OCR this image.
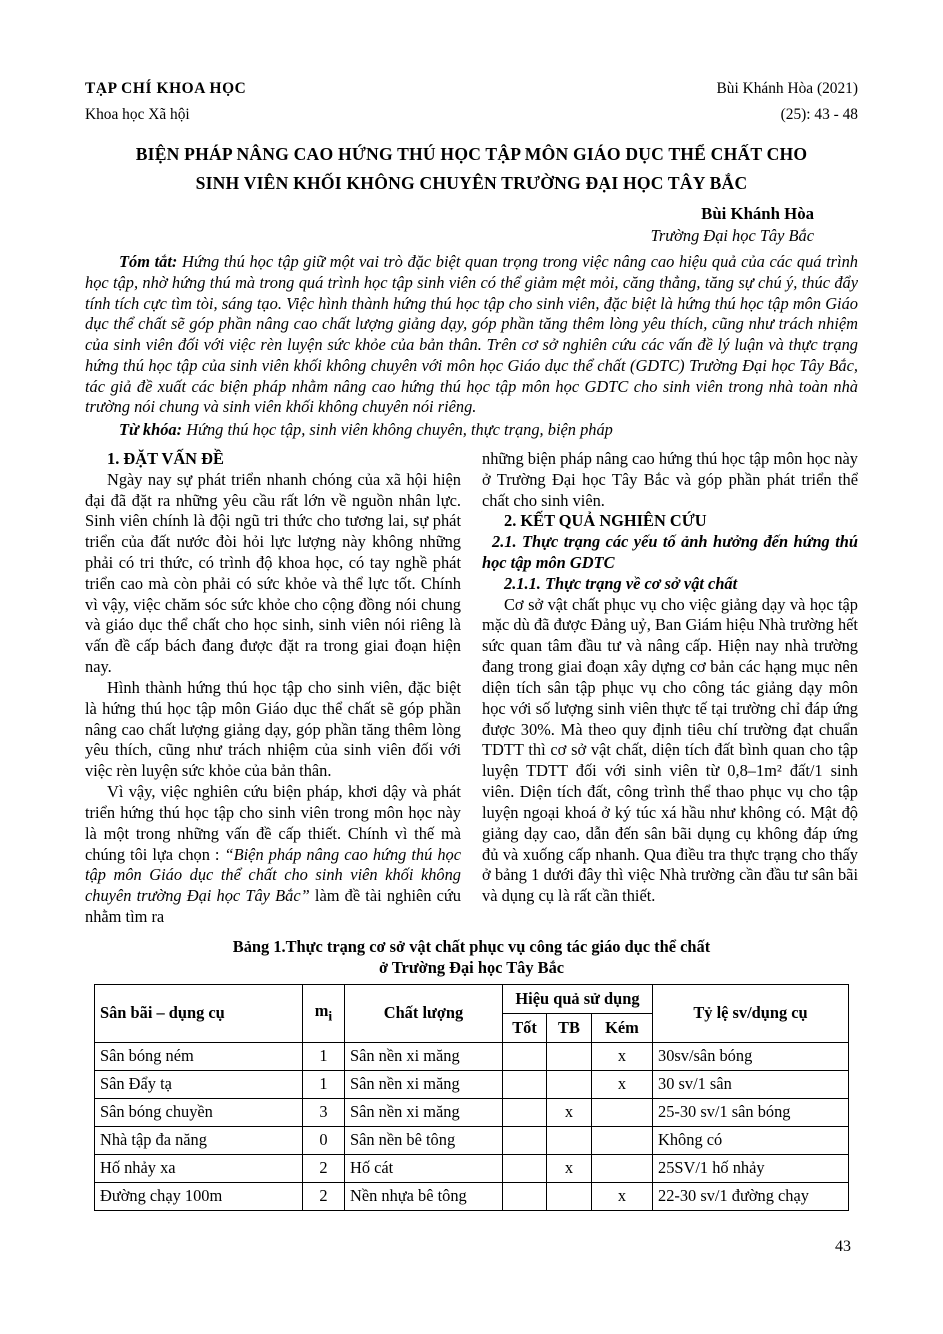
TẠP CHÍ KHOA HỌC
Khoa học Xã hội
Bùi Khánh Hòa (2021)
(25): 43 - 48
BIỆN PHÁP NÂNG CAO HỨNG THÚ HỌC TẬP MÔN GIÁO DỤC THỂ CHẤT CHO
SINH VIÊN KHỐI KHÔNG CHUYÊN TRƯỜNG ĐẠI HỌC TÂY BẮC
Bùi Khánh Hòa
Trường Đại học Tây Bắc

Tóm tắt: Hứng thú học tập giữ một vai trò đặc biệt quan trọng trong việc nâng cao hiệu quả của các quá trình học tập, nhờ hứng thú mà trong quá trình học tập sinh viên có thể giảm mệt mỏi, căng thẳng, tăng sự chú ý, thúc đẩy tính tích cực tìm tòi, sáng tạo. Việc hình thành hứng thú học tập cho sinh viên, đặc biệt là hứng thú học tập môn Giáo dục thể chất sẽ góp phần nâng cao chất lượng giảng dạy, góp phần tăng thêm lòng yêu thích, cũng như trách nhiệm của sinh viên đối với việc rèn luyện sức khỏe của bản thân. Trên cơ sở nghiên cứu các vấn đề lý luận và thực trạng hứng thú học tập của sinh viên khối không chuyên với môn học Giáo dục thể chất (GDTC) Trường Đại học Tây Bắc, tác giả đề xuất các biện pháp nhằm nâng cao hứng thú học tập môn học GDTC cho sinh viên trong nhà toàn nhà trường nói chung và sinh viên khối không chuyên nói riêng.

Từ khóa: Hứng thú học tập, sinh viên không chuyên, thực trạng, biện pháp

1. ĐẶT VẤN ĐỀ

Ngày nay sự phát triển nhanh chóng của xã hội hiện đại đã đặt ra những yêu cầu rất lớn về nguồn nhân lực. Sinh viên chính là đội ngũ tri thức cho tương lai, sự phát triển của đất nước đòi hỏi lực lượng này không những phải có tri thức, có trình độ khoa học, có tay nghề phát triển cao mà còn phải có sức khỏe và thể lực tốt. Chính vì vậy, việc chăm sóc sức khỏe cho cộng đồng nói chung và giáo dục thể chất cho học sinh, sinh viên nói riêng là vấn đề cấp bách đang được đặt ra trong giai đoạn hiện nay.

Hình thành hứng thú học tập cho sinh viên, đặc biệt là hứng thú học tập môn Giáo dục thể chất sẽ góp phần nâng cao chất lượng giảng dạy, góp phần tăng thêm lòng yêu thích, cũng như trách nhiệm của sinh viên đối với việc rèn luyện sức khỏe của bản thân.

Vì vậy, việc nghiên cứu biện pháp, khơi dậy và phát triển hứng thú học tập cho sinh viên trong môn học này là một trong những vấn đề cấp thiết. Chính vì thế mà chúng tôi lựa chọn : “Biện pháp nâng cao hứng thú học tập môn Giáo dục thể chất cho sinh viên khối không chuyên trường Đại học Tây Bắc” làm đề tài nghiên cứu nhằm tìm ra

những biện pháp nâng cao hứng thú học tập môn học này ở Trường Đại học Tây Bắc và góp phần phát triển thể chất cho sinh viên.

2. KẾT QUẢ NGHIÊN CỨU
2.1. Thực trạng các yếu tố ảnh hưởng đến hứng thú học tập môn GDTC
2.1.1. Thực trạng về cơ sở vật chất

Cơ sở vật chất phục vụ cho việc giảng dạy và học tập mặc dù đã được Đảng uỷ, Ban Giám hiệu Nhà trường hết sức quan tâm đầu tư và nâng cấp. Hiện nay nhà trường đang trong giai đoạn xây dựng cơ bản các hạng mục nên diện tích sân tập phục vụ cho công tác giảng dạy môn học với số lượng sinh viên thực tế tại trường chỉ đáp ứng được 30%. Mà theo quy định tiêu chí trường đạt chuẩn TDTT thì cơ sở vật chất, diện tích đất bình quan cho tập luyện TDTT đối với sinh viên từ 0,8–1m² đất/1 sinh viên. Diện tích đất, công trình thể thao phục vụ cho tập luyện ngoại khoá ở ký túc xá hầu như không có. Mật độ giảng dạy cao, dẫn đến sân bãi dụng cụ không đáp ứng đủ và xuống cấp nhanh. Qua điều tra thực trạng cho thấy ở bảng 1 dưới đây thì việc Nhà trường cần đầu tư sân bãi và dụng cụ là rất cần thiết.

Bảng 1.Thực trạng cơ sở vật chất phục vụ công tác giáo dục thể chất
ở Trường Đại học Tây Bắc
Sân bãi – dụng cụ	$m_i$	Chất lượng	Hiệu quả sử dụng			Tỷ lệ sv/dụng cụ
			Tốt	TB	Kém	
Sân bóng ném	1	Sân nền xi măng			x	30sv/sân bóng
Sân Đẩy tạ	1	Sân nền xi măng			x	30 sv/1 sân
Sân bóng chuyền	3	Sân nền xi măng		x		25-30 sv/1 sân bóng
Nhà tập đa năng	0	Sân nền bê tông				Không có
Hố nhảy xa	2	Hố cát		x		25SV/1 hố nhảy
Đường chạy 100m	2	Nền nhựa bê tông			x	22-30 sv/1 đường chạy
43
